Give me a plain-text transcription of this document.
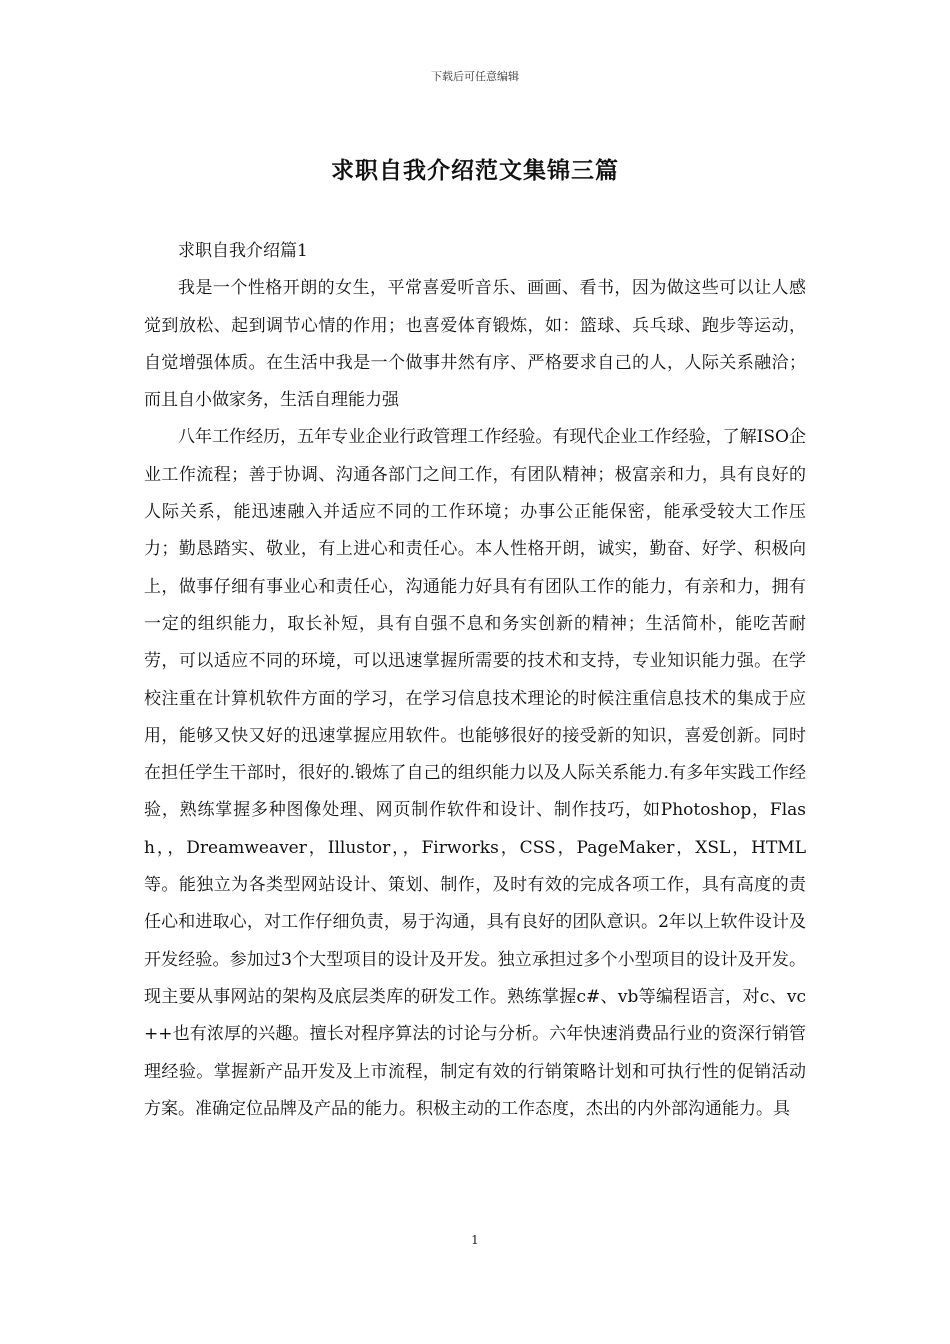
下载后可任意编辑
求职自我介绍范文集锦三篇

求职自我介绍篇1

我是一个性格开朗的女生，平常喜爱听音乐、画画、看书，因为做这些可以让人感觉到放松、起到调节心情的作用；也喜爱体育锻炼，如：篮球、兵乓球、跑步等运动，自觉增强体质。在生活中我是一个做事井然有序、严格要求自己的人，人际关系融洽；而且自小做家务，生活自理能力强

八年工作经历，五年专业企业行政管理工作经验。有现代企业工作经验，了解ISO企业工作流程；善于协调、沟通各部门之间工作，有团队精神；极富亲和力，具有良好的人际关系，能迅速融入并适应不同的工作环境；办事公正能保密，能承受较大工作压力；勤恳踏实、敬业，有上进心和责任心。本人性格开朗，诚实，勤奋、好学、积极向上，做事仔细有事业心和责任心，沟通能力好具有有团队工作的能力，有亲和力，拥有一定的组织能力，取长补短，具有自强不息和务实创新的精神；生活简朴，能吃苦耐劳，可以适应不同的环境，可以迅速掌握所需要的技术和支持，专业知识能力强。在学校注重在计算机软件方面的学习，在学习信息技术理论的时候注重信息技术的集成于应用，能够又快又好的迅速掌握应用软件。也能够很好的接受新的知识，喜爱创新。同时在担任学生干部时，很好的.锻炼了自己的组织能力以及人际关系能力.有多年实践工作经验，熟练掌握多种图像处理、网页制作软件和设计、制作技巧，如Photoshop，Flash，，Dreamweaver，Illustor，，Firworks，CSS，PageMaker，XSL，HTML等。能独立为各类型网站设计、策划、制作，及时有效的完成各项工作，具有高度的责任心和进取心，对工作仔细负责，易于沟通，具有良好的团队意识。2年以上软件设计及开发经验。参加过3个大型项目的设计及开发。独立承担过多个小型项目的设计及开发。现主要从事网站的架构及底层类库的研发工作。熟练掌握c#、vb等编程语言，对c、vc++也有浓厚的兴趣。擅长对程序算法的讨论与分析。六年快速消费品行业的资深行销管理经验。掌握新产品开发及上市流程，制定有效的行销策略计划和可执行性的促销活动方案。准确定位品牌及产品的能力。积极主动的工作态度，杰出的内外部沟通能力。具

1
